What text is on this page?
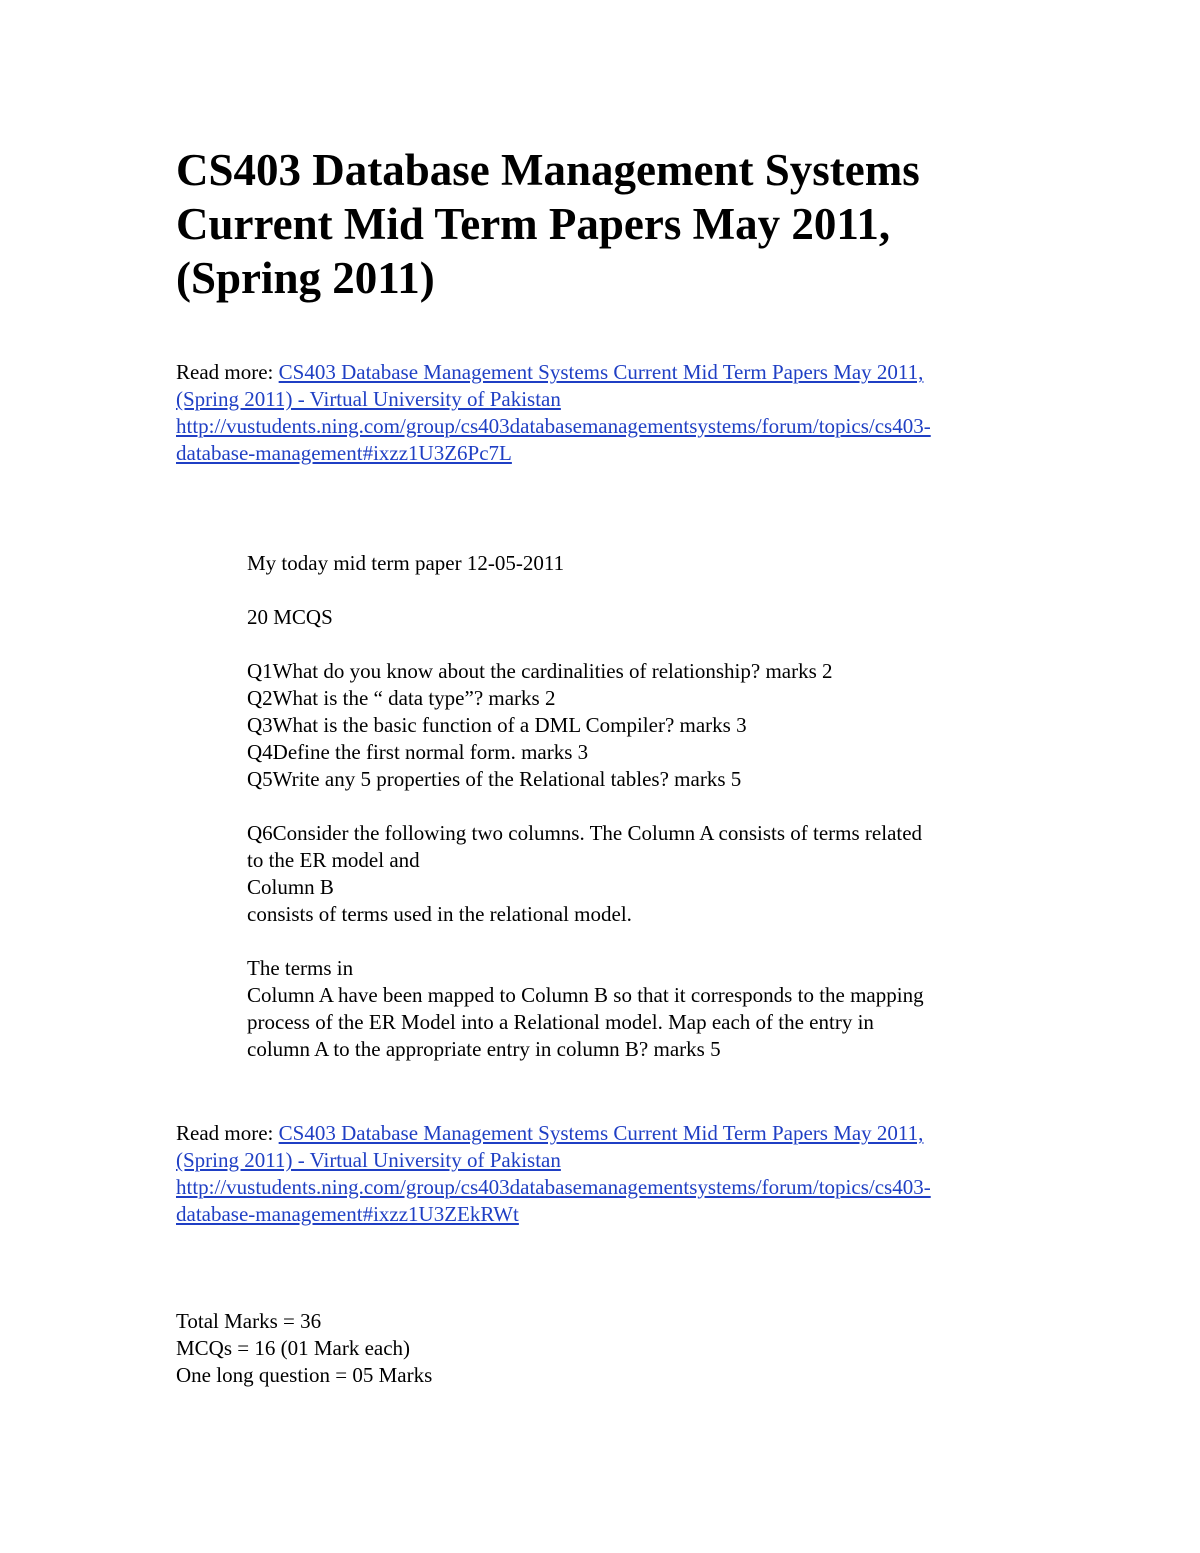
CS403 Database Management Systems
Current Mid Term Papers May 2011,
(Spring 2011)
Read more: CS403 Database Management Systems Current Mid Term Papers May 2011,
(Spring 2011) - Virtual University of Pakistan
http://vustudents.ning.com/group/cs403databasemanagementsystems/forum/topics/cs403-
database-management#ixzz1U3Z6Pc7L
My today mid term paper 12-05-2011
20 MCQS
Q1What do you know about the cardinalities of relationship? marks 2
Q2What is the “ data type”? marks 2
Q3What is the basic function of a DML Compiler? marks 3
Q4Define the first normal form. marks 3
Q5Write any 5 properties of the Relational tables? marks 5
Q6Consider the following two columns. The Column A consists of terms related
to the ER model and
Column B
consists of terms used in the relational model.
The terms in
Column A have been mapped to Column B so that it corresponds to the mapping
process of the ER Model into a Relational model. Map each of the entry in
column A to the appropriate entry in column B? marks 5
Read more: CS403 Database Management Systems Current Mid Term Papers May 2011,
(Spring 2011) - Virtual University of Pakistan
http://vustudents.ning.com/group/cs403databasemanagementsystems/forum/topics/cs403-
database-management#ixzz1U3ZEkRWt
Total Marks = 36
MCQs = 16 (01 Mark each)
One long question = 05 Marks
